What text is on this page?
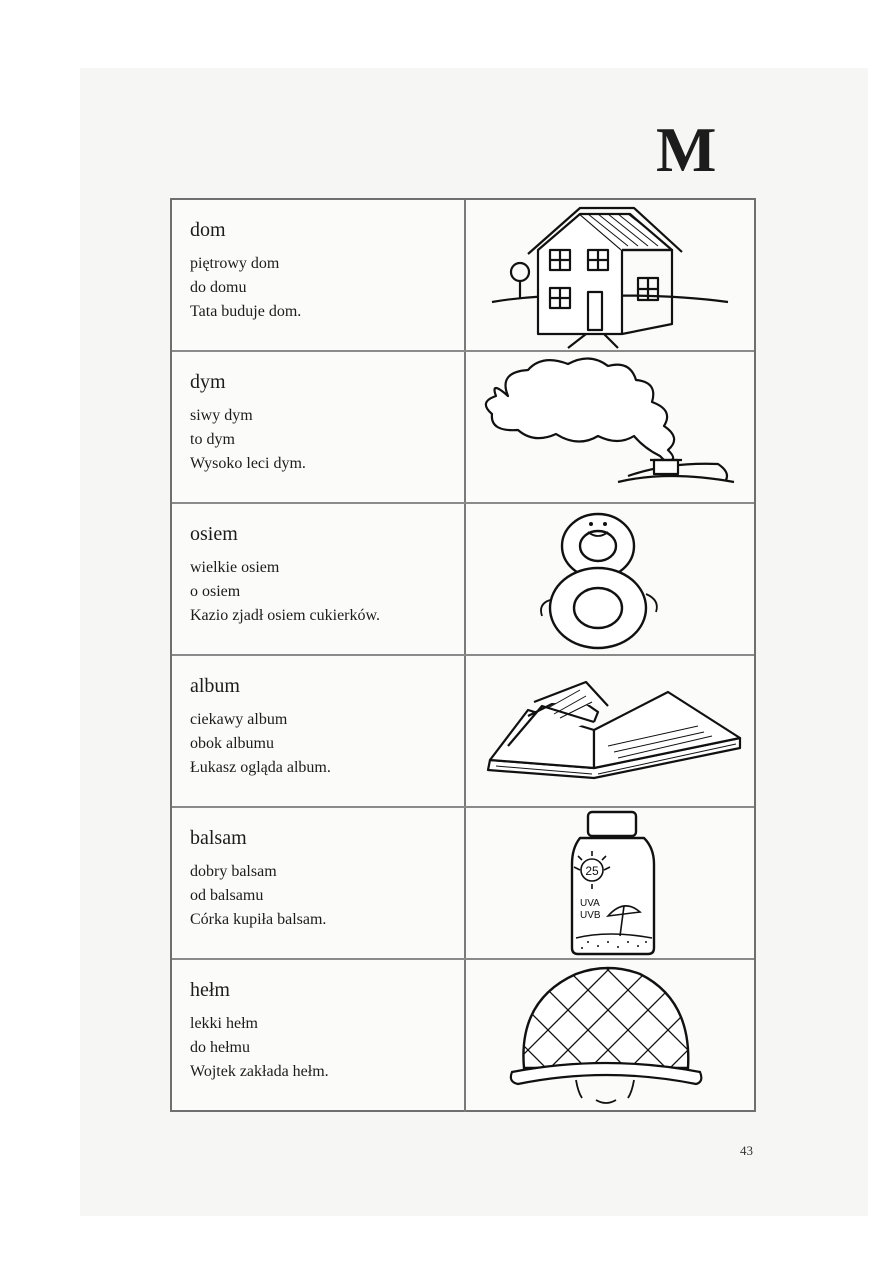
M
dom
piętrowy dom
do domu
Tata buduje dom.
dym
siwy dym
to dym
Wysoko leci dym.
osiem
wielkie osiem
o osiem
Kazio zjadł osiem cukierków.
album
ciekawy album
obok albumu
Łukasz ogląda album.
balsam
dobry balsam
od balsamu
Córka kupiła balsam.
25
UVA
UVB
hełm
lekki hełm
do hełmu
Wojtek zakłada hełm.
43
